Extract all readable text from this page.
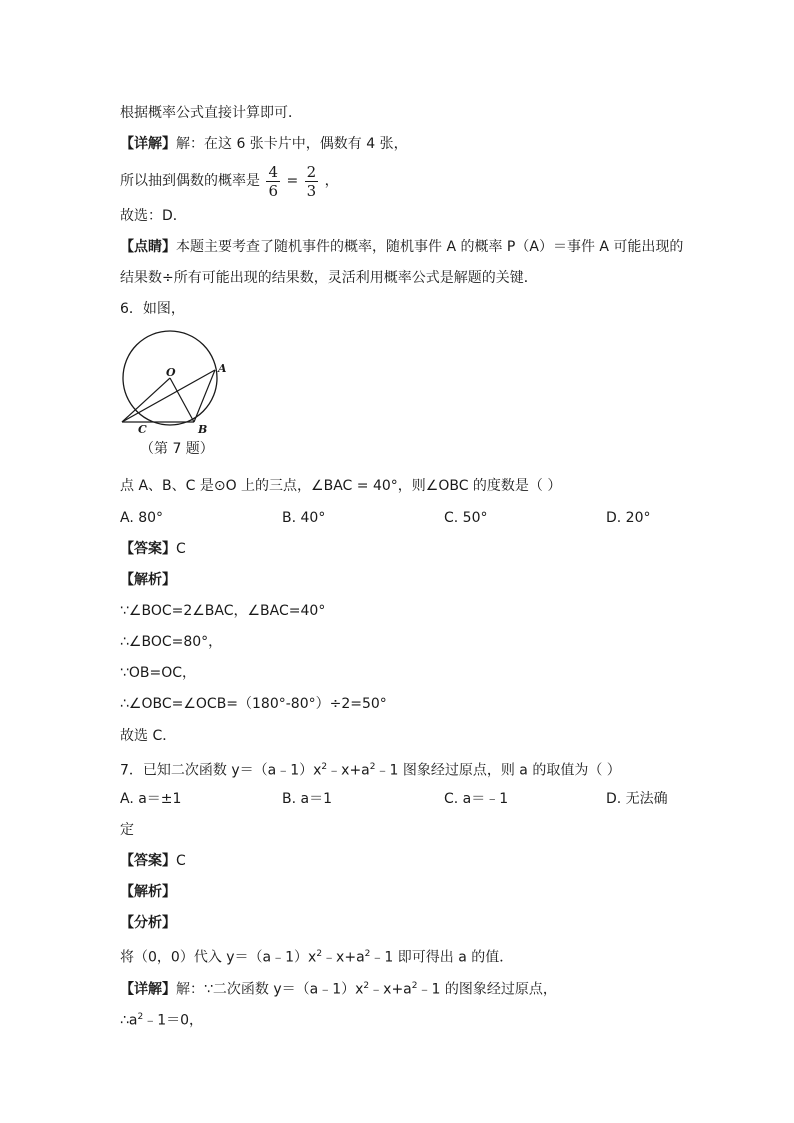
根据概率公式直接计算即可．
【详解】解：在这 6 张卡片中，偶数有 4 张，
所以抽到偶数的概率是 $\frac{4}{6} = \frac{2}{3}$ ，
故选：D．
【点睛】本题主要考查了随机事件的概率，随机事件 A 的概率 P（A）＝事件 A 可能出现的
结果数÷所有可能出现的结果数，灵活利用概率公式是解题的关键．
6．如图，
O	A
B
C
（第 7 题）
点 A、B、C 是⊙O 上的三点，∠BAC = 40°，则∠OBC 的度数是（ ）
A. 80°	B. 40°	C. 50°	D. 20°
【答案】C
【解析】
∵∠BOC=2∠BAC，∠BAC=40°
∴∠BOC=80°，
∵OB=OC，
∴∠OBC=∠OCB=（180°-80°）÷2=50°
故选 C．
7．已知二次函数 $y=(a﹣1)x^2﹣x+a^2﹣1$ 图象经过原点，则 a 的取值为（ ）
A. a＝±1	B. a＝1	C. a＝﹣1	D. 无法确
定
【答案】C
【解析】
【分析】
将（0，0）代入 $y=(a﹣1)x^2﹣x+a^2﹣1$ 即可得出 a 的值．
【详解】解：∵二次函数 $y=(a﹣1)x^2﹣x+a^2﹣1$ 的图象经过原点，
$\therefore a^2﹣1=0$，
